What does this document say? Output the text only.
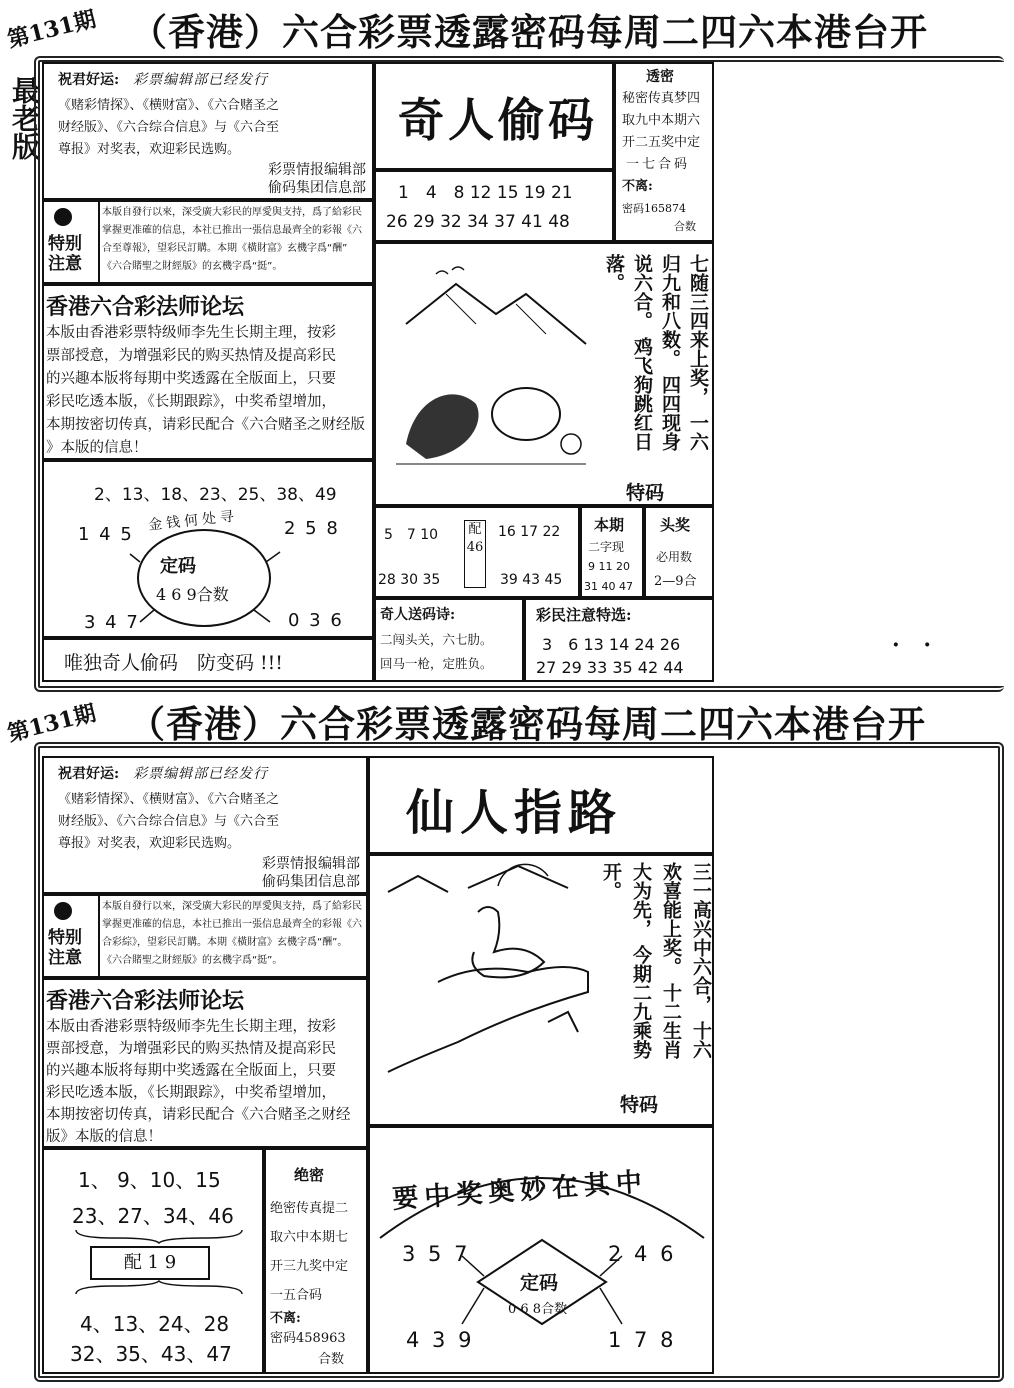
第131期 （香港）六合彩票透露密码每周二四六本港台开
最老版 祝君好运:　 彩票编辑部已经发行
《赌彩情探》、《横财富》、《六合赌圣之
财经版》、《六合综合信息》与《六合至
尊报》对奖表，欢迎彩民选购。
彩票情报编辑部
偷码集团信息部
特别注意
本版自發行以來，深受廣大彩民的厚愛與支持，爲了給彩民
掌握更准確的信息，本社已推出一張信息最齊全的彩報《六
合至尊報》，望彩民訂購。本期《橫財富》玄機字爲“酬”
《六合賭聖之財經版》的玄機字爲“挺”。
香港六合彩法师论坛
本版由香港彩票特级师李先生长期主理，按彩
票部授意，为增强彩民的购买热情及提高彩民
的兴趣本版将每期中奖透露在全版面上，只要
彩民吃透本版，《长期跟踪》，中奖希望增加，
本期按密切传真，请彩民配合《六合赌圣之财经版
》本版的信息！
2、13、18、23、25、38、49
金钱何处寻
1 4 5	2 5 8
3 4 7	0 3 6
定码
4 6 9合数
唯独奇人偷码　防变码 !!!
奇人偷码
1　4　8 12 15 19 21
26 29 32 34 37 41 48
透密
秘密传真梦四
取九中本期六
开二五奖中定
一七合码
不离:
密码165874
合数
七随三四来上奖， 一六归九和八数。 四四现身说六合。 鸡飞狗跳红日落。
特码
5　7 10
28 30 35
配46
16 17 22
39 43 45
本期
二字现
9 11 20
31 40 47
头奖
必用数
2—9合
奇人送码诗:
二闯头关，六七肋。
回马一枪，定胜负。
彩民注意特选:
3　6 13 14 24 26
27 29 33 35 42 44
· ·
第131期 （香港）六合彩票透露密码每周二四六本港台开
祝君好运:　 彩票编辑部已经发行
《赌彩情探》、《横财富》、《六合赌圣之
财经版》、《六合综合信息》与《六合至
尊报》对奖表，欢迎彩民选购。
彩票情报编辑部
偷码集团信息部
特别注意
本版自發行以來，深受廣大彩民的厚愛與支持，爲了給彩民
掌握更准確的信息，本社已推出一張信息最齊全的彩報《六
合彩綜》，望彩民訂購。本期《橫財富》玄機字爲“酬”。
《六合賭聖之財經版》的玄機字爲“挺”。
香港六合彩法师论坛
本版由香港彩票特级师李先生长期主理，按彩
票部授意，为增强彩民的购买热情及提高彩民
的兴趣本版将每期中奖透露在全版面上，只要
彩民吃透本版，《长期跟踪》，中奖希望增加，
本期按密切传真，请彩民配合《六合赌圣之财经
版》本版的信息！
1、 9、10、15
23、27、34、46
配 1 9
4、13、24、28
32、35、43、47
绝密
绝密传真提二
取六中本期七
开三九奖中定
一五合码
不离:
密码458963
合数
仙人指路
三一高兴中六合， 十六欢喜能上奖。 十二生肖大为先， 今期二九乘势开。
特码
要中奖奥妙在其中
3 5 7	2 4 6
4 3 9	1 7 8
定码
0 6 8合数
